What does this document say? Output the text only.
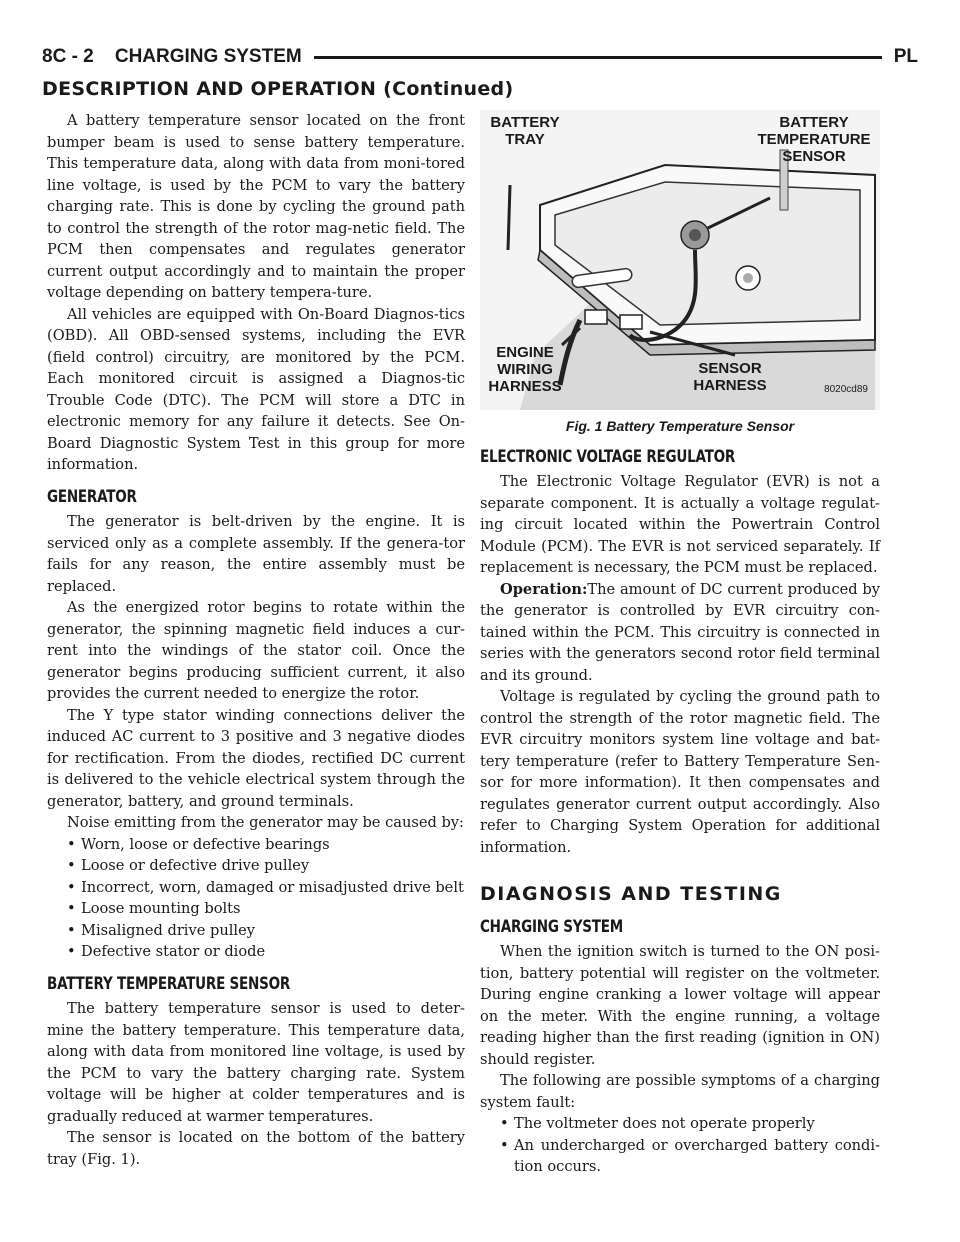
8C - 2    CHARGING SYSTEM	PL
DESCRIPTION AND OPERATION (Continued)

A battery temperature sensor located on the front bumper beam is used to sense battery temperature. This temperature data, along with data from moni-tored line voltage, is used by the PCM to vary the battery charging rate. This is done by cycling the ground path to control the strength of the rotor mag-netic field. The PCM then compensates and regulates generator current output accordingly and to maintain the proper voltage depending on battery tempera-ture.

All vehicles are equipped with On-Board Diagnos-tics (OBD). All OBD-sensed systems, including the EVR (field control) circuitry, are monitored by the PCM. Each monitored circuit is assigned a Diagnos-tic Trouble Code (DTC). The PCM will store a DTC in electronic memory for any failure it detects. See On-Board Diagnostic System Test in this group for more information.

GENERATOR

The generator is belt-driven by the engine. It is serviced only as a complete assembly. If the genera-tor fails for any reason, the entire assembly must be replaced.

As the energized rotor begins to rotate within the generator, the spinning magnetic field induces a cur-rent into the windings of the stator coil. Once the generator begins producing sufficient current, it also provides the current needed to energize the rotor.

The Y type stator winding connections deliver the induced AC current to 3 positive and 3 negative diodes for rectification. From the diodes, rectified DC current is delivered to the vehicle electrical system through the generator, battery, and ground terminals.

Noise emitting from the generator may be caused by:

• Worn, loose or defective bearings
• Loose or defective drive pulley
• Incorrect, worn, damaged or misadjusted drive belt
• Loose mounting bolts
• Misaligned drive pulley
• Defective stator or diode
BATTERY TEMPERATURE SENSOR

The battery temperature sensor is used to deter-mine the battery temperature. This temperature data, along with data from monitored line voltage, is used by the PCM to vary the battery charging rate. System voltage will be higher at colder temperatures and is gradually reduced at warmer temperatures.

The sensor is located on the bottom of the battery tray (Fig. 1).

BATTERY
TRAY
BATTERY
TEMPERATURE
SENSOR
ENGINE
WIRING
HARNESS
SENSOR
HARNESS	8020cd89
Fig. 1 Battery Temperature Sensor
ELECTRONIC VOLTAGE REGULATOR

The Electronic Voltage Regulator (EVR) is not a separate component. It is actually a voltage regulat-ing circuit located within the Powertrain Control Module (PCM). The EVR is not serviced separately. If replacement is necessary, the PCM must be replaced.

Operation:The amount of DC current produced by the generator is controlled by EVR circuitry con-tained within the PCM. This circuitry is connected in series with the generators second rotor field terminal and its ground.

Voltage is regulated by cycling the ground path to control the strength of the rotor magnetic field. The EVR circuitry monitors system line voltage and bat-tery temperature (refer to Battery Temperature Sen-sor for more information). It then compensates and regulates generator current output accordingly. Also refer to Charging System Operation for additional information.

DIAGNOSIS AND TESTING
CHARGING SYSTEM

When the ignition switch is turned to the ON posi-tion, battery potential will register on the voltmeter. During engine cranking a lower voltage will appear on the meter. With the engine running, a voltage reading higher than the first reading (ignition in ON) should register.

The following are possible symptoms of a charging system fault:

• The voltmeter does not operate properly
• An undercharged or overcharged battery condi-tion occurs.
